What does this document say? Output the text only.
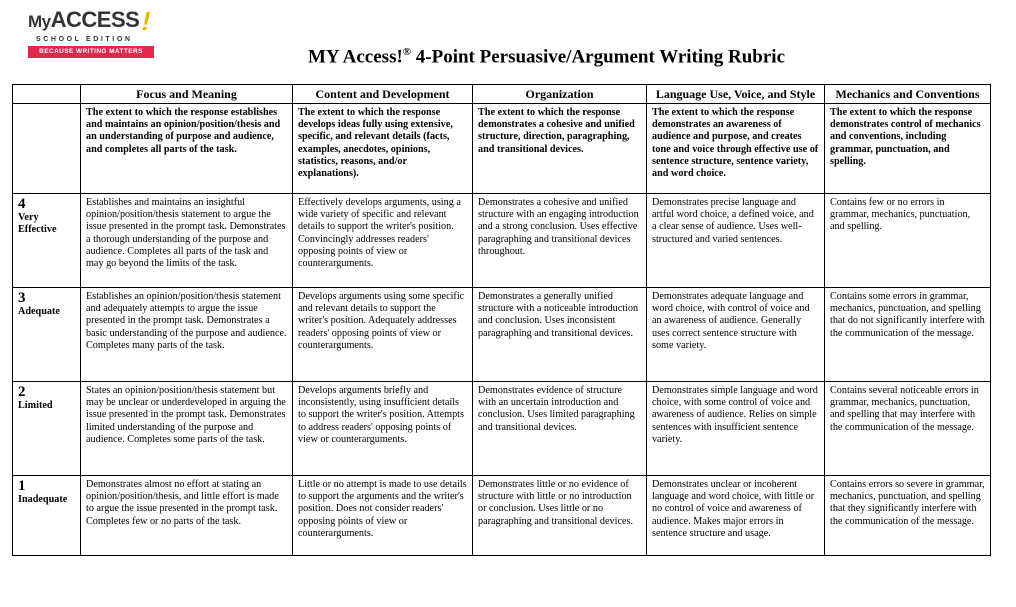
MyACCESS !
SCHOOL EDITION
BECAUSE WRITING MATTERS	MY Access!® 4-Point Persuasive/Argument Writing Rubric
	Focus and Meaning	Content and Development	Organization	Language Use, Voice, and Style	Mechanics and Conventions
	The extent to which the response establishes and maintains an opinion/position/thesis and an understanding of purpose and audience, and completes all parts of the task.	The extent to which the response develops ideas fully using extensive, specific, and relevant details (facts, examples, anecdotes, opinions, statistics, reasons, and/or explanations).	The extent to which the response demonstrates a cohesive and unified structure, direction, paragraphing, and transitional devices.	The extent to which the response demonstrates an awareness of audience and purpose, and creates tone and voice through effective use of sentence structure, sentence variety, and word choice.	The extent to which the response demonstrates control of mechanics and conventions, including grammar, punctuation, and spelling.

4
Very Effective	Establishes and maintains an insightful opinion/position/thesis statement to argue the issue presented in the prompt task. Demonstrates a thorough understanding of the purpose and audience. Completes all parts of the task and may go beyond the limits of the task.	Effectively develops arguments, using a wide variety of specific and relevant details to support the writer's position. Convincingly addresses readers' opposing points of view or counterarguments.	Demonstrates a cohesive and unified structure with an engaging introduction and a strong conclusion. Uses effective paragraphing and transitional devices throughout.	Demonstrates precise language and artful word choice, a defined voice, and a clear sense of audience. Uses well-structured and varied sentences.	Contains few or no errors in grammar, mechanics, punctuation, and spelling.

3
Adequate	Establishes an opinion/position/thesis statement and adequately attempts to argue the issue presented in the prompt task. Demonstrates a basic understanding of the purpose and audience. Completes many parts of the task.	Develops arguments using some specific and relevant details to support the writer's position. Adequately addresses readers' opposing points of view or counterarguments.	Demonstrates a generally unified structure with a noticeable introduction and conclusion. Uses inconsistent paragraphing and transitional devices.	Demonstrates adequate language and word choice, with control of voice and an awareness of audience. Generally uses correct sentence structure with some variety.	Contains some errors in grammar, mechanics, punctuation, and spelling that do not significantly interfere with the communication of the message.

2
Limited	States an opinion/position/thesis statement but may be unclear or underdeveloped in arguing the issue presented in the prompt task. Demonstrates limited understanding of the purpose and audience. Completes some parts of the task.	Develops arguments briefly and inconsistently, using insufficient details to support the writer's position. Attempts to address readers' opposing points of view or counterarguments.	Demonstrates evidence of structure with an uncertain introduction and conclusion. Uses limited paragraphing and transitional devices.	Demonstrates simple language and word choice, with some control of voice and awareness of audience. Relies on simple sentences with insufficient sentence variety.	Contains several noticeable errors in grammar, mechanics, punctuation, and spelling that may interfere with the communication of the message.

1
Inadequate	Demonstrates almost no effort at stating an opinion/position/thesis, and little effort is made to argue the issue presented in the prompt task. Completes few or no parts of the task.	Little or no attempt is made to use details to support the arguments and the writer's position. Does not consider readers' opposing points of view or counterarguments.	Demonstrates little or no evidence of structure with little or no introduction or conclusion. Uses little or no paragraphing and transitional devices.	Demonstrates unclear or incoherent language and word choice, with little or no control of voice and awareness of audience. Makes major errors in sentence structure and usage.	Contains errors so severe in grammar, mechanics, punctuation, and spelling that they significantly interfere with the communication of the message.
